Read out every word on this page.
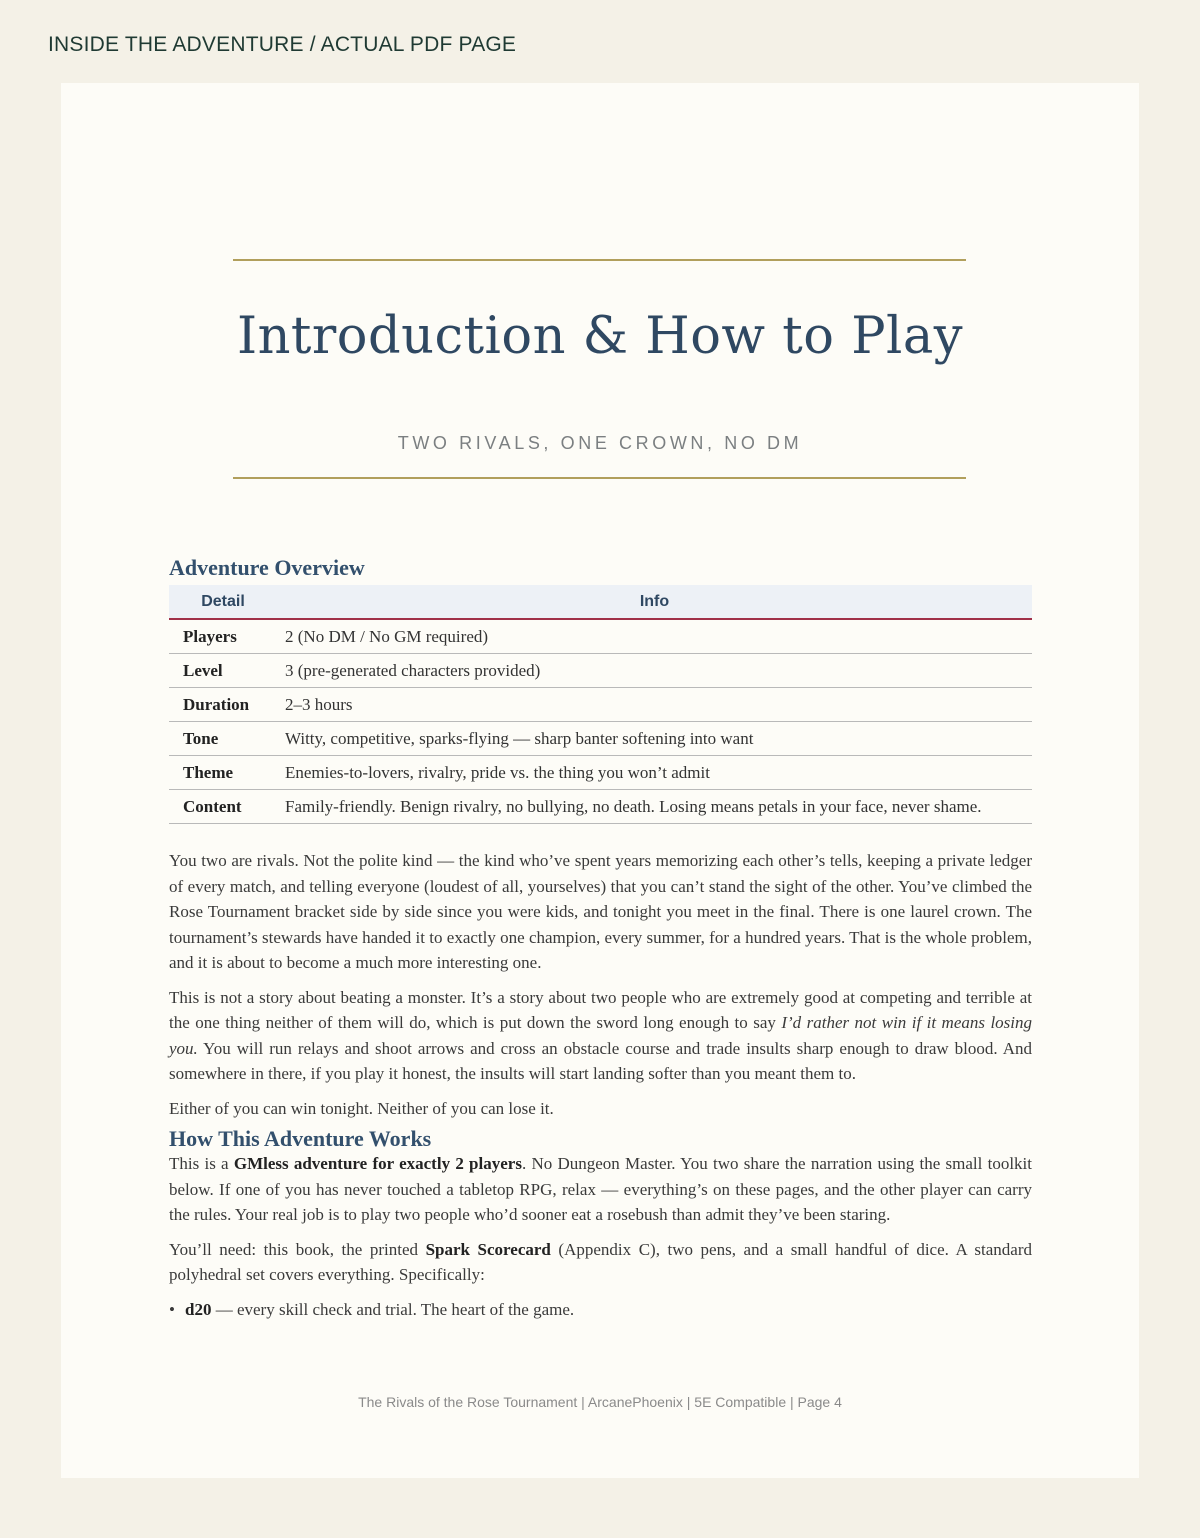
INSIDE THE ADVENTURE / ACTUAL PDF PAGE
Introduction & How to Play
TWO RIVALS, ONE CROWN, NO DM
Adventure Overview
Detail	Info
Players	2 (No DM / No GM required)
Level	3 (pre-generated characters provided)
Duration	2–3 hours
Tone	Witty, competitive, sparks-flying — sharp banter softening into want
Theme	Enemies-to-lovers, rivalry, pride vs. the thing you won’t admit
Content	Family-friendly. Benign rivalry, no bullying, no death. Losing means petals in your face, never shame.

You two are rivals. Not the polite kind — the kind who’ve spent years memorizing each other’s tells, keeping a private ledger of every match, and telling everyone (loudest of all, yourselves) that you can’t stand the sight of the other. You’ve climbed the Rose Tournament bracket side by side since you were kids, and tonight you meet in the final. There is one laurel crown. The tournament’s stewards have handed it to exactly one champion, every summer, for a hundred years. That is the whole problem, and it is about to become a much more interesting one.

This is not a story about beating a monster. It’s a story about two people who are extremely good at competing and terrible at the one thing neither of them will do, which is put down the sword long enough to say I’d rather not win if it means losing you. You will run relays and shoot arrows and cross an obstacle course and trade insults sharp enough to draw blood. And somewhere in there, if you play it honest, the insults will start landing softer than you meant them to.

Either of you can win tonight. Neither of you can lose it.

How This Adventure Works

This is a GMless adventure for exactly 2 players. No Dungeon Master. You two share the narration using the small toolkit below. If one of you has never touched a tabletop RPG, relax — everything’s on these pages, and the other player can carry the rules. Your real job is to play two people who’d sooner eat a rosebush than admit they’ve been staring.

You’ll need: this book, the printed Spark Scorecard (Appendix C), two pens, and a small handful of dice. A standard polyhedral set covers everything. Specifically:

• d20 — every skill check and trial. The heart of the game.

The Rivals of the Rose Tournament | ArcanePhoenix | 5E Compatible | Page 4
